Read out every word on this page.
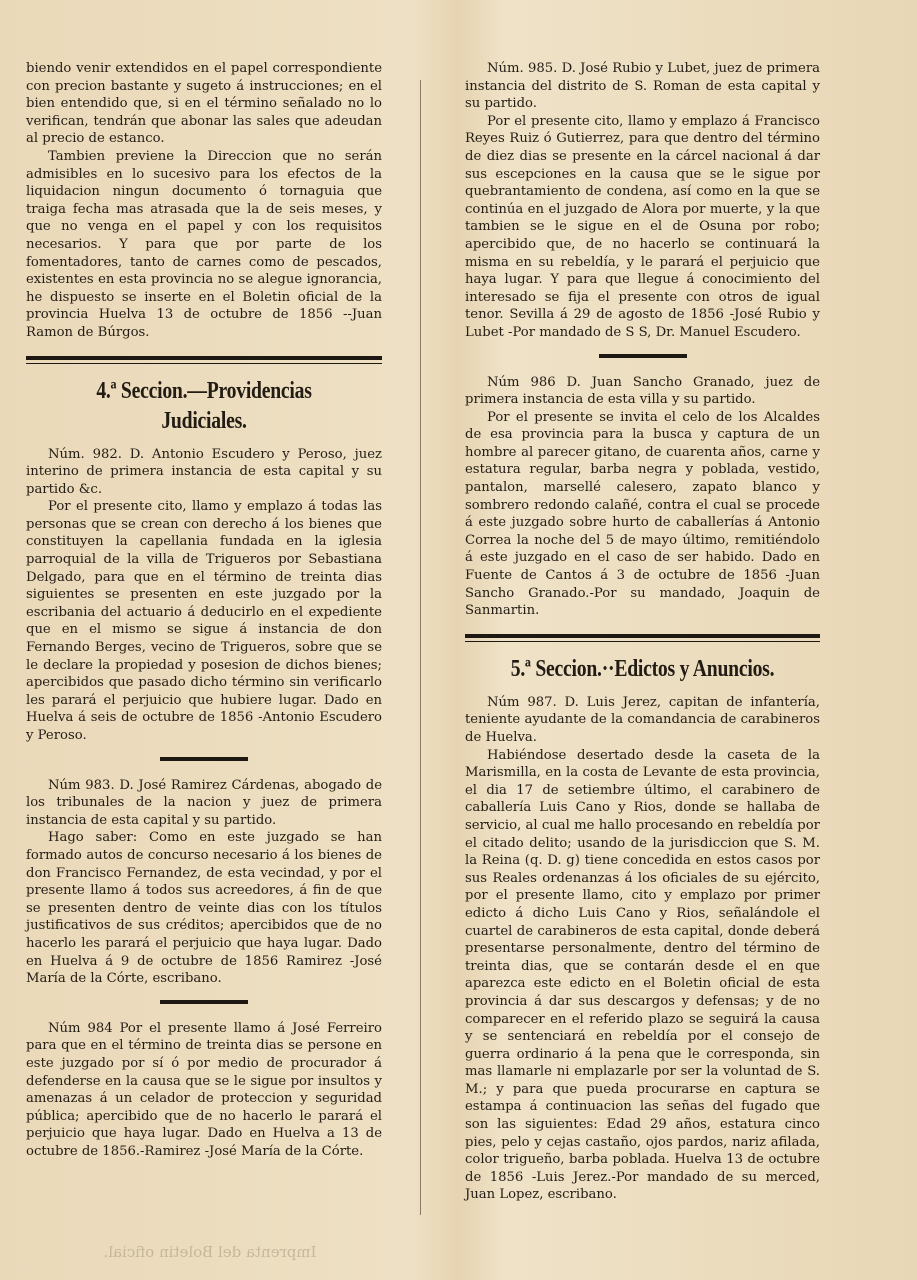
biendo venir extendidos en el papel correspondiente con precion bastante y sugeto á instrucciones; en el bien entendido que, si en el término señalado no lo verifican, tendrán que abonar las sales que adeudan al precio de estanco.

Tambien previene la Direccion que no serán admisibles en lo sucesivo para los efectos de la liquidacion ningun documento ó tornaguia que traiga fecha mas atrasada que la de seis meses, y que no venga en el papel y con los requisitos necesarios. Y para que por parte de los fomentadores, tanto de carnes como de pescados, existentes en esta provincia no se alegue ignorancia, he dispuesto se inserte en el Boletin oficial de la provincia Huelva 13 de octubre de 1856 --Juan Ramon de Búrgos.

4.ª Seccion.—Providencias Judiciales.

Núm. 982. D. Antonio Escudero y Peroso, juez interino de primera instancia de esta capital y su partido &c.

Por el presente cito, llamo y emplazo á todas las personas que se crean con derecho á los bienes que constituyen la capellania fundada en la iglesia parroquial de la villa de Trigueros por Sebastiana Delgado, para que en el término de treinta dias siguientes se presenten en este juzgado por la escribania del actuario á deducirlo en el expediente que en el mismo se sigue á instancia de don Fernando Berges, vecino de Trigueros, sobre que se le declare la propiedad y posesion de dichos bienes; apercibidos que pasado dicho término sin verificarlo les parará el perjuicio que hubiere lugar. Dado en Huelva á seis de octubre de 1856 -Antonio Escudero y Peroso.

Núm 983. D. José Ramirez Cárdenas, abogado de los tribunales de la nacion y juez de primera instancia de esta capital y su partido.

Hago saber: Como en este juzgado se han formado autos de concurso necesario á los bienes de don Francisco Fernandez, de esta vecindad, y por el presente llamo á todos sus acreedores, á fin de que se presenten dentro de veinte dias con los títulos justificativos de sus créditos; apercibidos que de no hacerlo les parará el perjuicio que haya lugar. Dado en Huelva á 9 de octubre de 1856 Ramirez -José María de la Córte, escribano.

Núm 984 Por el presente llamo á José Ferreiro para que en el término de treinta dias se persone en este juzgado por sí ó por medio de procurador á defenderse en la causa que se le sigue por insultos y amenazas á un celador de proteccion y seguridad pública; apercibido que de no hacerlo le parará el perjuicio que haya lugar. Dado en Huelva a 13 de octubre de 1856.-Ramirez -José María de la Córte.

Núm. 985. D. José Rubio y Lubet, juez de primera instancia del distrito de S. Roman de esta capital y su partido.

Por el presente cito, llamo y emplazo á Francisco Reyes Ruiz ó Gutierrez, para que dentro del término de diez dias se presente en la cárcel nacional á dar sus escepciones en la causa que se le sigue por quebrantamiento de condena, así como en la que se continúa en el juzgado de Alora por muerte, y la que tambien se le sigue en el de Osuna por robo; apercibido que, de no hacerlo se continuará la misma en su rebeldía, y le parará el perjuicio que haya lugar. Y para que llegue á conocimiento del interesado se fija el presente con otros de igual tenor. Sevilla á 29 de agosto de 1856 -José Rubio y Lubet -Por mandado de S S, Dr. Manuel Escudero.

Núm 986 D. Juan Sancho Granado, juez de primera instancia de esta villa y su partido.

Por el presente se invita el celo de los Alcaldes de esa provincia para la busca y captura de un hombre al parecer gitano, de cuarenta años, carne y estatura regular, barba negra y poblada, vestido, pantalon, marsellé calesero, zapato blanco y sombrero redondo calañé, contra el cual se procede á este juzgado sobre hurto de caballerías á Antonio Correa la noche del 5 de mayo último, remitiéndolo á este juzgado en el caso de ser habido. Dado en Fuente de Cantos á 3 de octubre de 1856 -Juan Sancho Granado.-Por su mandado, Joaquin de Sanmartin.

5.ª Seccion.··Edictos y Anuncios.

Núm 987. D. Luis Jerez, capitan de infantería, teniente ayudante de la comandancia de carabineros de Huelva.

Habiéndose desertado desde la caseta de la Marismilla, en la costa de Levante de esta provincia, el dia 17 de setiembre último, el carabinero de caballería Luis Cano y Rios, donde se hallaba de servicio, al cual me hallo procesando en rebeldía por el citado delito; usando de la jurisdiccion que S. M. la Reina (q. D. g) tiene concedida en estos casos por sus Reales ordenanzas á los oficiales de su ejército, por el presente llamo, cito y emplazo por primer edicto á dicho Luis Cano y Rios, señalándole el cuartel de carabineros de esta capital, donde deberá presentarse personalmente, dentro del término de treinta dias, que se contarán desde el en que aparezca este edicto en el Boletin oficial de esta provincia á dar sus descargos y defensas; y de no comparecer en el referido plazo se seguirá la causa y se sentenciará en rebeldía por el consejo de guerra ordinario á la pena que le corresponda, sin mas llamarle ni emplazarle por ser la voluntad de S. M.; y para que pueda procurarse en captura se estampa á continuacion las señas del fugado que son las siguientes: Edad 29 años, estatura cinco pies, pelo y cejas castaño, ojos pardos, nariz afilada, color trigueño, barba poblada. Huelva 13 de octubre de 1856 -Luis Jerez.-Por mandado de su merced, Juan Lopez, escribano.

Imprenta del Boletin oficial.
